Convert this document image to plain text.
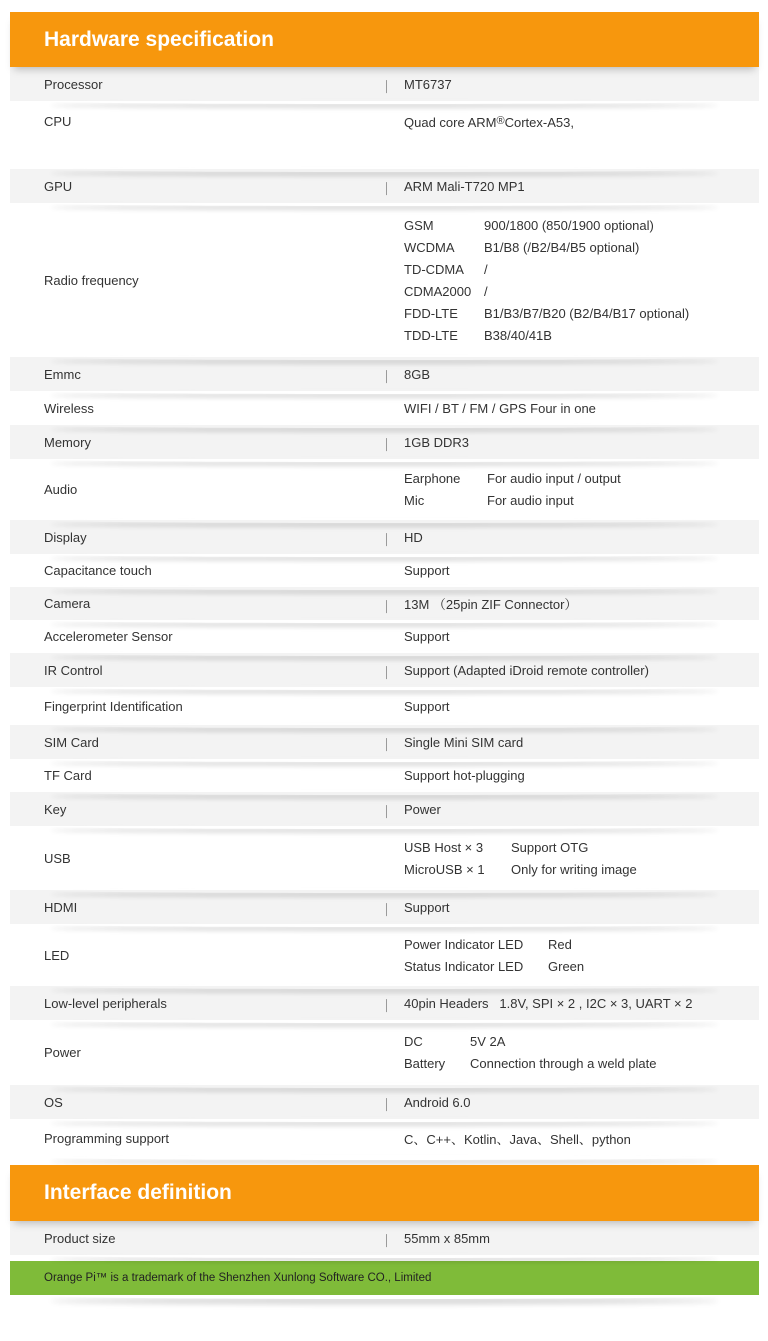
Hardware specification
Processor	MT6737
CPU	Quad core ARM ® Cortex-A53,
GPU	ARM Mali-T720 MP1
Radio frequency
GSM	900/1800 (850/1900 optional)
WCDMA	B1/B8 (/B2/B4/B5 optional)
TD-CDMA	/
CDMA2000 /
FDD-LTE	B1/B3/B7/B20 (B2/B4/B17 optional)
TDD-LTE	B38/40/41B
Emmc	8GB
Wireless	WIFI / BT / FM / GPS Four in one
Memory	1GB DDR3
Audio
Earphone	For audio input / output
Mic	For audio input
Display	HD
Capacitance touch	Support
Camera	13M （25pin ZIF Connector）
Accelerometer Sensor	Support
IR Control	Support (Adapted iDroid remote controller)
Fingerprint Identification	Support
SIM Card	Single Mini SIM card
TF Card	Support hot-plugging
Key	Power
USB
USB Host × 3	Support OTG
MicroUSB × 1	Only for writing image
HDMI	Support
LED
Power Indicator LED	Red
Status Indicator LED	Green
Low-level peripherals	40pin Headers   1.8V, SPI × 2 , I2C × 3, UART × 2
Power
DC	5V 2A
Battery	Connection through a weld plate
OS	Android 6.0
Programming support	C、C++、Kotlin、Java、Shell、python
Interface definition
Product size	55mm x 85mm
Orange Pi™ is a trademark of the Shenzhen Xunlong Software CO., Limited
